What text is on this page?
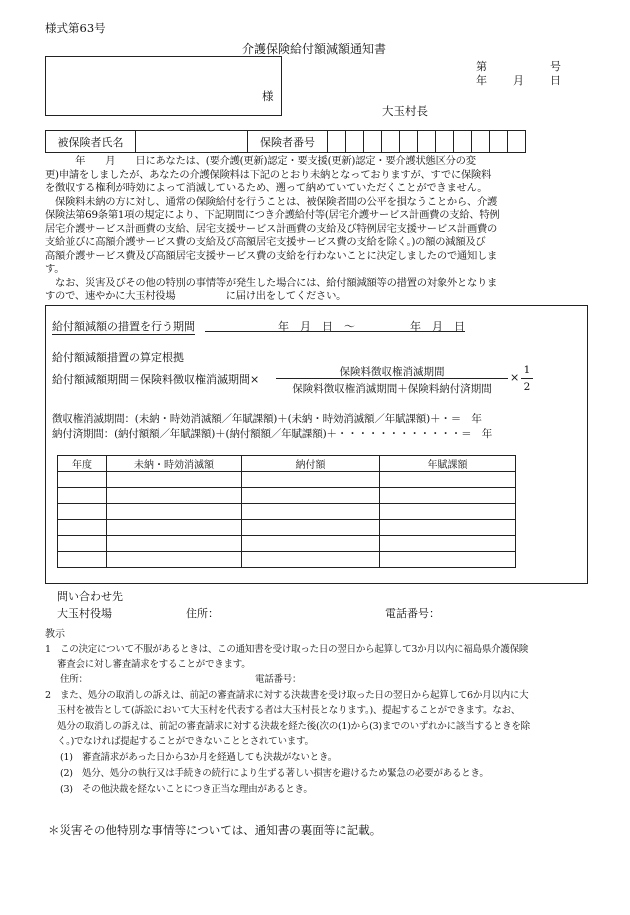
様式第63号
介護保険給付額減額通知書
様
第	号
年 月 日
大玉村長
被保険者氏名		保険者番号											
　　　年　　月　　日にあなたは、(要介護(更新)認定・要支援(更新)認定・要介護状態区分の変
更)申請をしましたが、あなたの介護保険料は下記のとおり未納となっておりますが、すでに保険料
を徴収する権利が時効によって消滅しているため、遡って納めていていただくことができません。
　保険料未納の方に対し、通常の保険給付を行うことは、被保険者間の公平を損なうことから、介護
保険法第69条第1項の規定により、下記期間につき介護給付等(居宅介護サービス計画費の支給、特例
居宅介護サービス計画費の支給、居宅支援サービス計画費の支給及び特例居宅支援サービス計画費の
支給並びに高額介護サービス費の支給及び高額居宅支援サービス費の支給を除く。)の額の減額及び
高額介護サービス費及び高額居宅支援サービス費の支給を行わないことに決定しましたので通知しま
す。
　なお、災害及びその他の特別の事情等が発生した場合には、給付額減額等の措置の対象外となりま
すので、速やかに大玉村役場　　　　　に届け出をしてください。
給付額減額の措置を行う期間	年　月　日　〜　　　　　年　月　日
給付額減額措置の算定根拠
給付額減額期間＝保険料徴収権消滅期間×
保険料徴収権消滅期間
保険料徴収権消滅期間＋保険料納付済期間
×
1
2
徴収権消滅期間：(未納・時効消滅額／年賦課額)＋(未納・時効消滅額／年賦課額)＋・＝　年
納付済期間：(納付額額／年賦課額)＋(納付額額／年賦課額)＋・・・・・・・・・・・・＝　年
年度	未納・時効消滅額	納付額	年賦課額

問い合わせ先
大玉村役場	住所：	電話番号：
教示
1　この決定について不服があるときは、この通知書を受け取った日の翌日から起算して3か月以内に福島県介護保険
　 審査会に対し審査請求をすることができます。
住所：	電話番号：
2　また、処分の取消しの訴えは、前記の審査請求に対する決裁書を受け取った日の翌日から起算して6か月以内に大
　 玉村を被告として(訴訟において大玉村を代表する者は大玉村長となります。)、提起することができます。なお、
　 処分の取消しの訴えは、前記の審査請求に対する決裁を経た後(次の(1)から(3)までのいずれかに該当するときを除
　 く。)でなければ提起することができないこととされています。
(1)　審査請求があった日から3か月を経過しても決裁がないとき。
(2)　処分、処分の執行又は手続きの続行により生ずる著しい損害を避けるため緊急の必要があるとき。
(3)　その他決裁を経ないことにつき正当な理由があるとき。
＊災害その他特別な事情等については、通知書の裏面等に記載。
